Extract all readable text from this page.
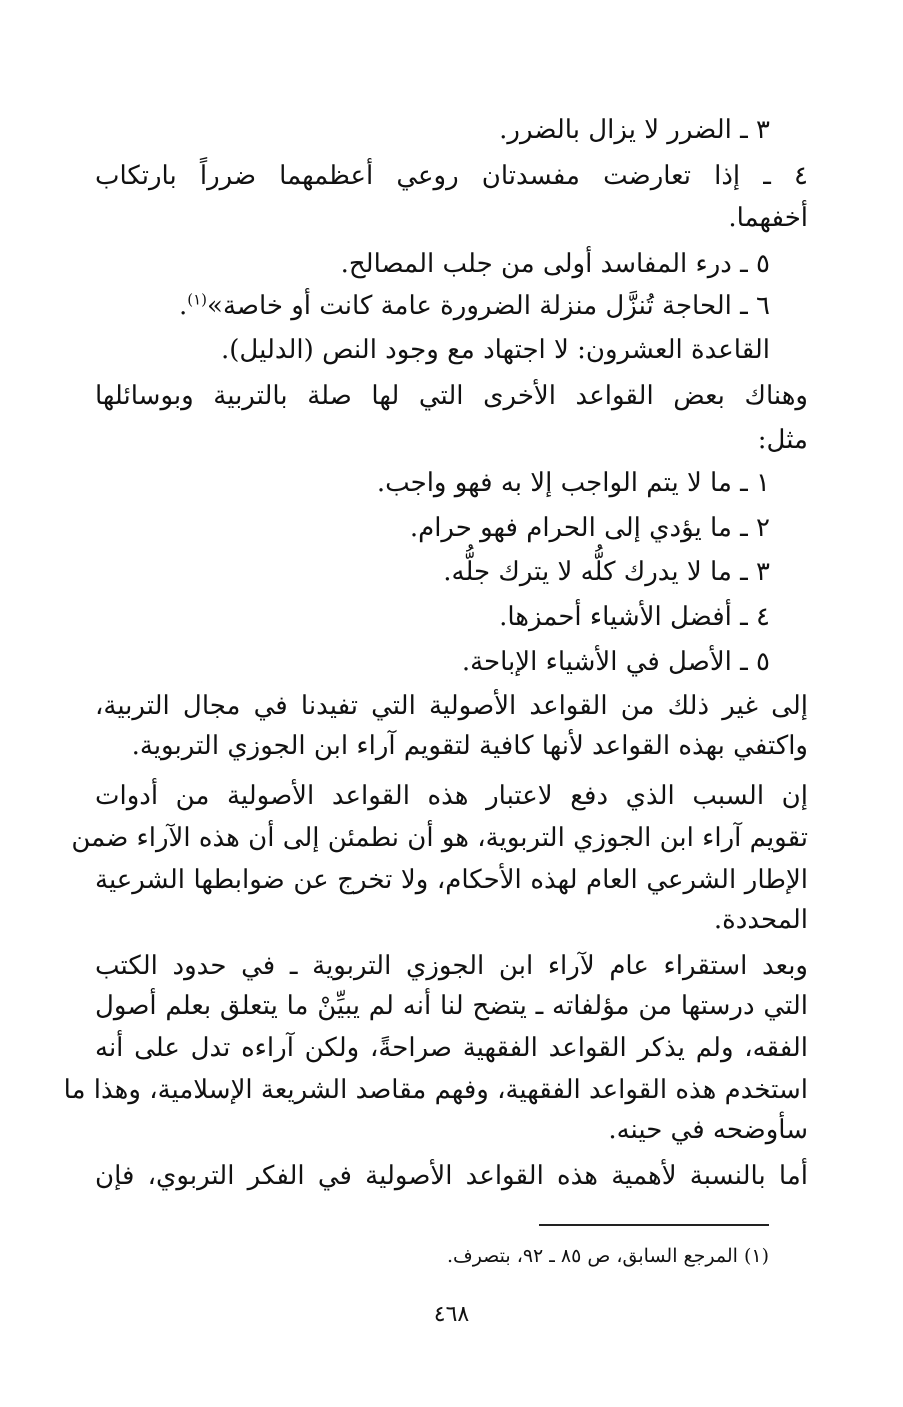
٣ ـ الضرر لا يزال بالضرر.
٤ ـ إذا تعارضت مفسدتان روعي أعظمهما ضرراً بارتكاب
أخفهما.
٥ ـ درء المفاسد أولى من جلب المصالح.
٦ ـ الحاجة تُنزَّل منزلة الضرورة عامة كانت أو خاصة»$^{(١)}$.
القاعدة العشرون: لا اجتهاد مع وجود النص (الدليل).
وهناك بعض القواعد الأخرى التي لها صلة بالتربية وبوسائلها
مثل:
١ ـ ما لا يتم الواجب إلا به فهو واجب.
٢ ـ ما يؤدي إلى الحرام فهو حرام.
٣ ـ ما لا يدرك كلُّه لا يترك جلُّه.
٤ ـ أفضل الأشياء أحمزها.
٥ ـ الأصل في الأشياء الإباحة.
إلى غير ذلك من القواعد الأصولية التي تفيدنا في مجال التربية،
واكتفي بهذه القواعد لأنها كافية لتقويم آراء ابن الجوزي التربوية.
إن السبب الذي دفع لاعتبار هذه القواعد الأصولية من أدوات
تقويم آراء ابن الجوزي التربوية، هو أن نطمئن إلى أن هذه الآراء ضمن
الإطار الشرعي العام لهذه الأحكام، ولا تخرج عن ضوابطها الشرعية
المحددة.
وبعد استقراء عام لآراء ابن الجوزي التربوية ـ في حدود الكتب
التي درستها من مؤلفاته ـ يتضح لنا أنه لم يبيِّنْ ما يتعلق بعلم أصول
الفقه، ولم يذكر القواعد الفقهية صراحةً، ولكن آراءه تدل على أنه
استخدم هذه القواعد الفقهية، وفهم مقاصد الشريعة الإسلامية، وهذا ما
سأوضحه في حينه.
أما بالنسبة لأهمية هذه القواعد الأصولية في الفكر التربوي، فإن
(١) المرجع السابق، ص ٨٥ ـ ٩٢، بتصرف.
٤٦٨
